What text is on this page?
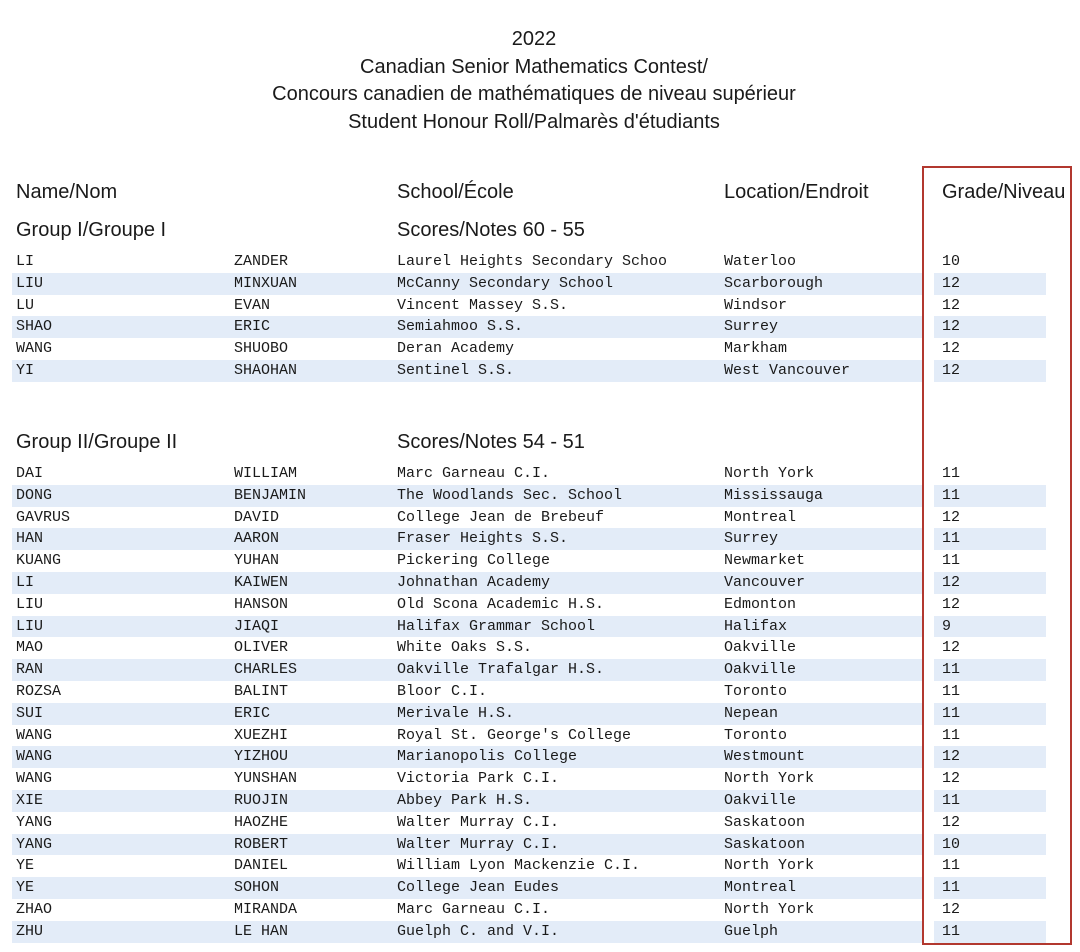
2022
Canadian Senior Mathematics Contest/
Concours canadien de mathématiques de niveau supérieur
Student Honour Roll/Palmarès d'étudiants
Name/Nom	School/École	Location/Endroit	Grade/Niveau
Group I/Groupe I	Scores/Notes 60 - 55
LI	ZANDER	Laurel Heights Secondary Schoo	Waterloo	10
LIU	MINXUAN	McCanny Secondary School	Scarborough	12
LU	EVAN	Vincent Massey S.S.	Windsor	12
SHAO	ERIC	Semiahmoo S.S.	Surrey	12
WANG	SHUOBO	Deran Academy	Markham	12
YI	SHAOHAN	Sentinel S.S.	West Vancouver	12
Group II/Groupe II	Scores/Notes 54 - 51
DAI	WILLIAM	Marc Garneau C.I.	North York	11
DONG	BENJAMIN	The Woodlands Sec. School	Mississauga	11
GAVRUS	DAVID	College Jean de Brebeuf	Montreal	12
HAN	AARON	Fraser Heights S.S.	Surrey	11
KUANG	YUHAN	Pickering College	Newmarket	11
LI	KAIWEN	Johnathan Academy	Vancouver	12
LIU	HANSON	Old Scona Academic H.S.	Edmonton	12
LIU	JIAQI	Halifax Grammar School	Halifax	9
MAO	OLIVER	White Oaks S.S.	Oakville	12
RAN	CHARLES	Oakville Trafalgar H.S.	Oakville	11
ROZSA	BALINT	Bloor C.I.	Toronto	11
SUI	ERIC	Merivale H.S.	Nepean	11
WANG	XUEZHI	Royal St. George's College	Toronto	11
WANG	YIZHOU	Marianopolis College	Westmount	12
WANG	YUNSHAN	Victoria Park C.I.	North York	12
XIE	RUOJIN	Abbey Park H.S.	Oakville	11
YANG	HAOZHE	Walter Murray C.I.	Saskatoon	12
YANG	ROBERT	Walter Murray C.I.	Saskatoon	10
YE	DANIEL	William Lyon Mackenzie C.I.	North York	11
YE	SOHON	College Jean Eudes	Montreal	11
ZHAO	MIRANDA	Marc Garneau C.I.	North York	12
ZHU	LE HAN	Guelph C. and V.I.	Guelph	11
